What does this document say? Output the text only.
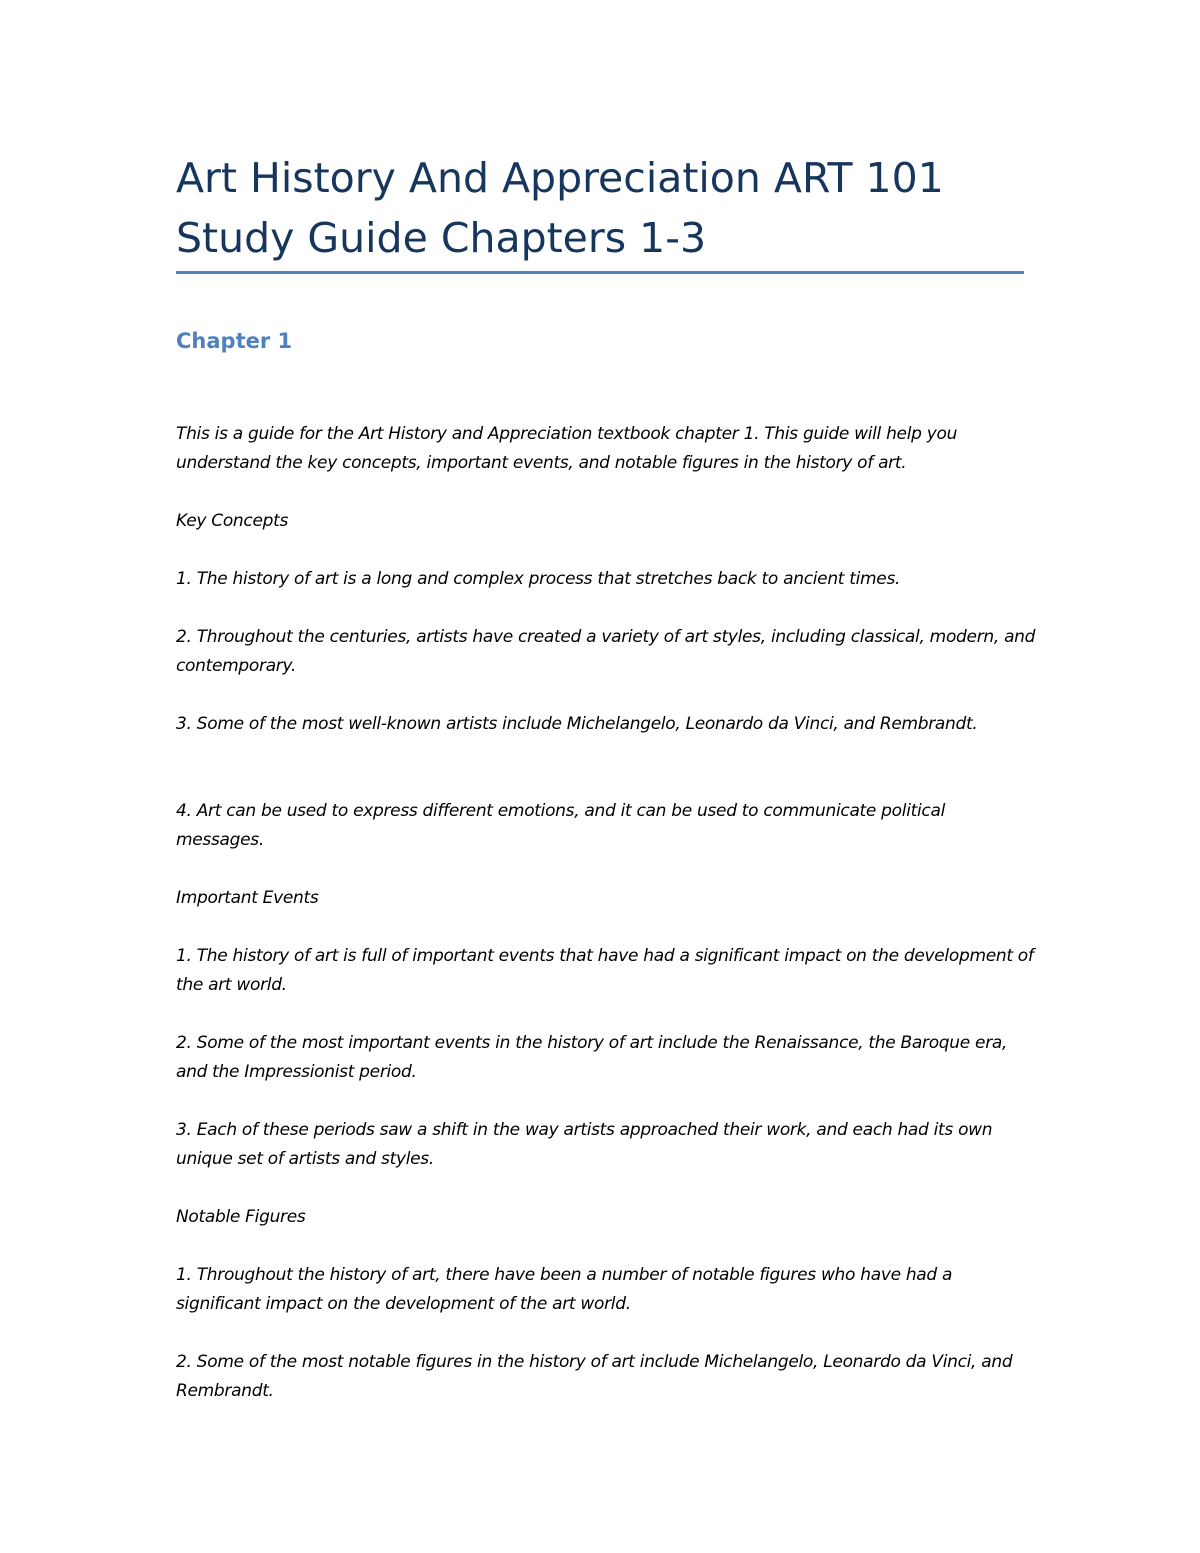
Art History And Appreciation ART 101 Study Guide Chapters 1-3
Chapter 1

This is a guide for the Art History and Appreciation textbook chapter 1. This guide will help you understand the key concepts, important events, and notable figures in the history of art.

Key Concepts

1. The history of art is a long and complex process that stretches back to ancient times.

2. Throughout the centuries, artists have created a variety of art styles, including classical, modern, and contemporary.

3. Some of the most well-known artists include Michelangelo, Leonardo da Vinci, and Rembrandt.

4. Art can be used to express different emotions, and it can be used to communicate political messages.

Important Events

1. The history of art is full of important events that have had a significant impact on the development of the art world.

2. Some of the most important events in the history of art include the Renaissance, the Baroque era, and the Impressionist period.

3. Each of these periods saw a shift in the way artists approached their work, and each had its own unique set of artists and styles.

Notable Figures

1. Throughout the history of art, there have been a number of notable figures who have had a significant impact on the development of the art world.

2. Some of the most notable figures in the history of art include Michelangelo, Leonardo da Vinci, and Rembrandt.
